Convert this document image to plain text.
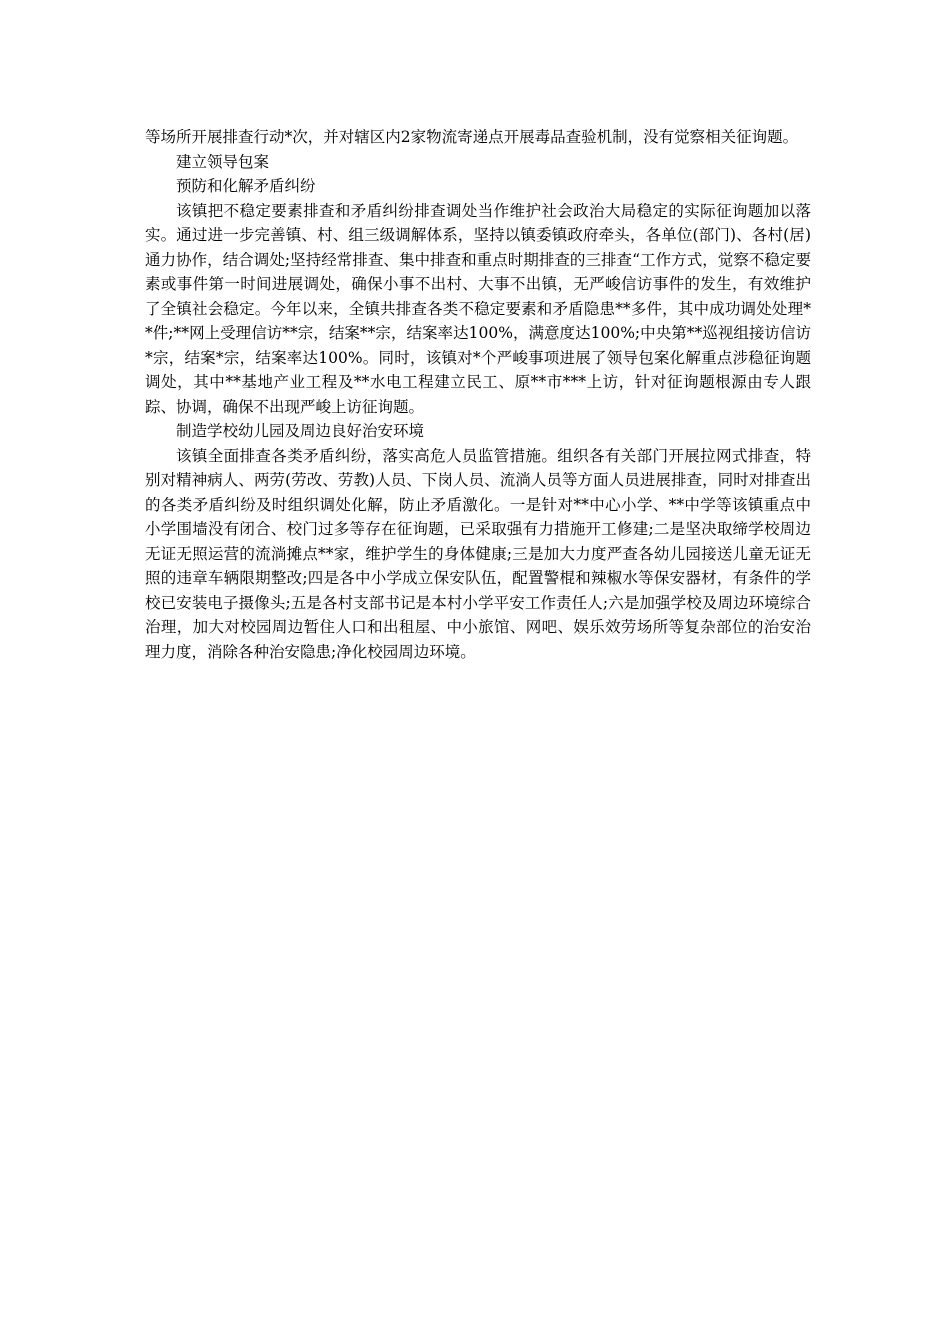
等场所开展排查行动*次，并对辖区内2家物流寄递点开展毒品查验机制，没有觉察相关征询题。

建立领导包案

预防和化解矛盾纠纷

该镇把不稳定要素排查和矛盾纠纷排查调处当作维护社会政治大局稳定的实际征询题加以落实。通过进一步完善镇、村、组三级调解体系，坚持以镇委镇政府牵头，各单位(部门)、各村(居)通力协作，结合调处;坚持经常排查、集中排查和重点时期排查的三排查“工作方式，觉察不稳定要素或事件第一时间进展调处，确保小事不出村、大事不出镇，无严峻信访事件的发生，有效维护了全镇社会稳定。今年以来，全镇共排查各类不稳定要素和矛盾隐患**多件，其中成功调处处理**件;**网上受理信访**宗，结案**宗，结案率达100%，满意度达100%;中央第**巡视组接访信访*宗，结案*宗，结案率达100%。同时，该镇对*个严峻事项进展了领导包案化解重点涉稳征询题调处，其中**基地产业工程及**水电工程建立民工、原**市***上访，针对征询题根源由专人跟踪、协调，确保不出现严峻上访征询题。

制造学校幼儿园及周边良好治安环境

该镇全面排查各类矛盾纠纷，落实高危人员监管措施。组织各有关部门开展拉网式排查，特别对精神病人、两劳(劳改、劳教)人员、下岗人员、流淌人员等方面人员进展排查，同时对排查出的各类矛盾纠纷及时组织调处化解，防止矛盾激化。一是针对**中心小学、**中学等该镇重点中小学围墙没有闭合、校门过多等存在征询题，已采取强有力措施开工修建;二是坚决取缔学校周边无证无照运营的流淌摊点**家，维护学生的身体健康;三是加大力度严查各幼儿园接送儿童无证无照的违章车辆限期整改;四是各中小学成立保安队伍，配置警棍和辣椒水等保安器材，有条件的学校已安装电子摄像头;五是各村支部书记是本村小学平安工作责任人;六是加强学校及周边环境综合治理，加大对校园周边暂住人口和出租屋、中小旅馆、网吧、娱乐效劳场所等复杂部位的治安治理力度，消除各种治安隐患;净化校园周边环境。
